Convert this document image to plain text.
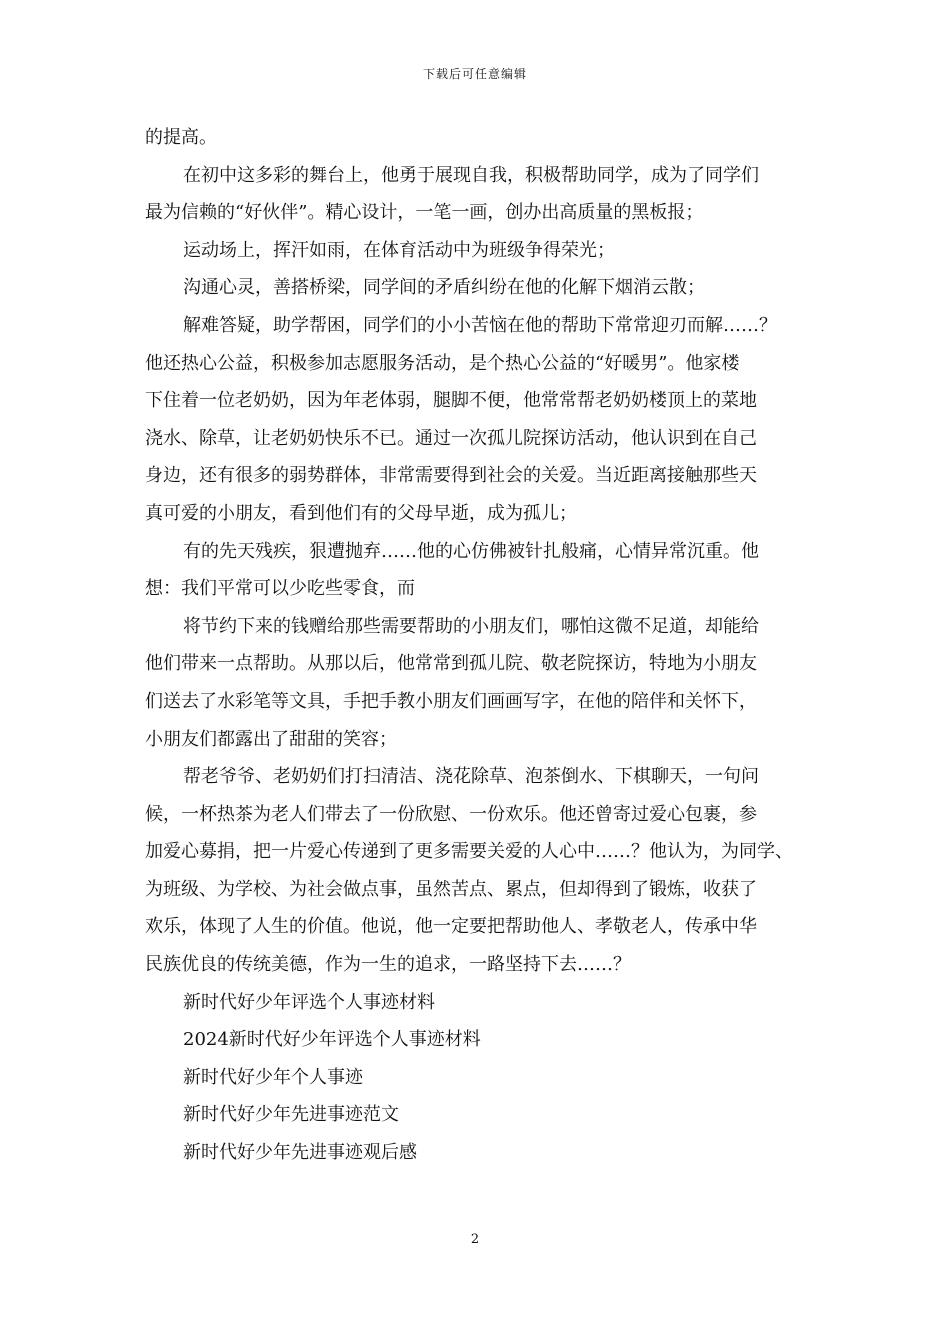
下载后可任意编辑
的提高。
在初中这多彩的舞台上，他勇于展现自我，积极帮助同学，成为了同学们
最为信赖的“好伙伴”。精心设计，一笔一画，创办出高质量的黑板报；
运动场上，挥汗如雨，在体育活动中为班级争得荣光；
沟通心灵，善搭桥梁，同学间的矛盾纠纷在他的化解下烟消云散；
解难答疑，助学帮困，同学们的小小苦恼在他的帮助下常常迎刃而解……？
他还热心公益，积极参加志愿服务活动，是个热心公益的“好暖男”。他家楼
下住着一位老奶奶，因为年老体弱，腿脚不便，他常常帮老奶奶楼顶上的菜地
浇水、除草，让老奶奶快乐不已。通过一次孤儿院探访活动，他认识到在自己
身边，还有很多的弱势群体，非常需要得到社会的关爱。当近距离接触那些天
真可爱的小朋友，看到他们有的父母早逝，成为孤儿；
有的先天残疾，狠遭抛弃……他的心仿佛被针扎般痛，心情异常沉重。他
想：我们平常可以少吃些零食，而
将节约下来的钱赠给那些需要帮助的小朋友们，哪怕这微不足道，却能给
他们带来一点帮助。从那以后，他常常到孤儿院、敬老院探访，特地为小朋友
们送去了水彩笔等文具，手把手教小朋友们画画写字，在他的陪伴和关怀下，
小朋友们都露出了甜甜的笑容；
帮老爷爷、老奶奶们打扫清洁、浇花除草、泡茶倒水、下棋聊天，一句问
候，一杯热茶为老人们带去了一份欣慰、一份欢乐。他还曾寄过爱心包裹，参
加爱心募捐，把一片爱心传递到了更多需要关爱的人心中……？他认为，为同学、
为班级、为学校、为社会做点事，虽然苦点、累点，但却得到了锻炼，收获了
欢乐，体现了人生的价值。他说，他一定要把帮助他人、孝敬老人，传承中华
民族优良的传统美德，作为一生的追求，一路坚持下去……？
新时代好少年评选个人事迹材料
2024新时代好少年评选个人事迹材料
新时代好少年个人事迹
新时代好少年先进事迹范文
新时代好少年先进事迹观后感
2
